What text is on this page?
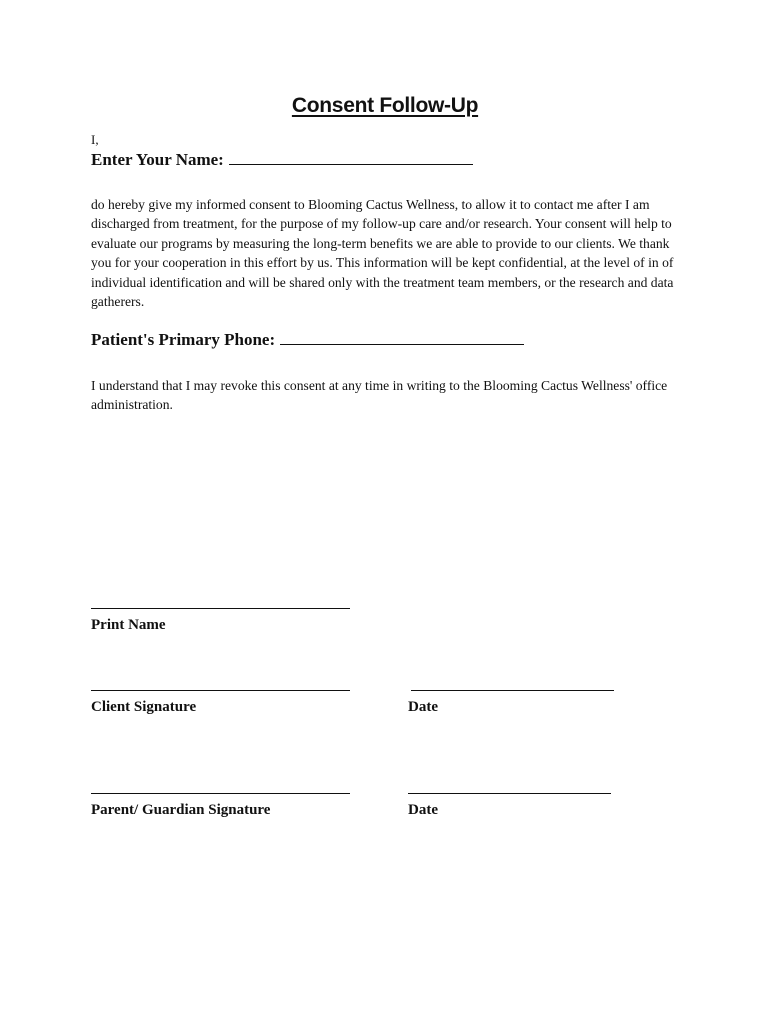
Consent Follow-Up
I,
Enter Your Name:

do hereby give my informed consent to Blooming Cactus Wellness, to allow it to contact me after I am discharged from treatment, for the purpose of my follow-up care and/or research. Your consent will help to evaluate our programs by measuring the long-term benefits we are able to provide to our clients. We thank you for your cooperation in this effort by us. This information will be kept confidential, at the level of in of individual identification and will be shared only with the treatment team members, or the research and data gatherers.

Patient's Primary Phone:

I understand that I may revoke this consent at any time in writing to the Blooming Cactus Wellness' office administration.

Print Name
Client Signature	Date
Parent/ Guardian Signature	Date
